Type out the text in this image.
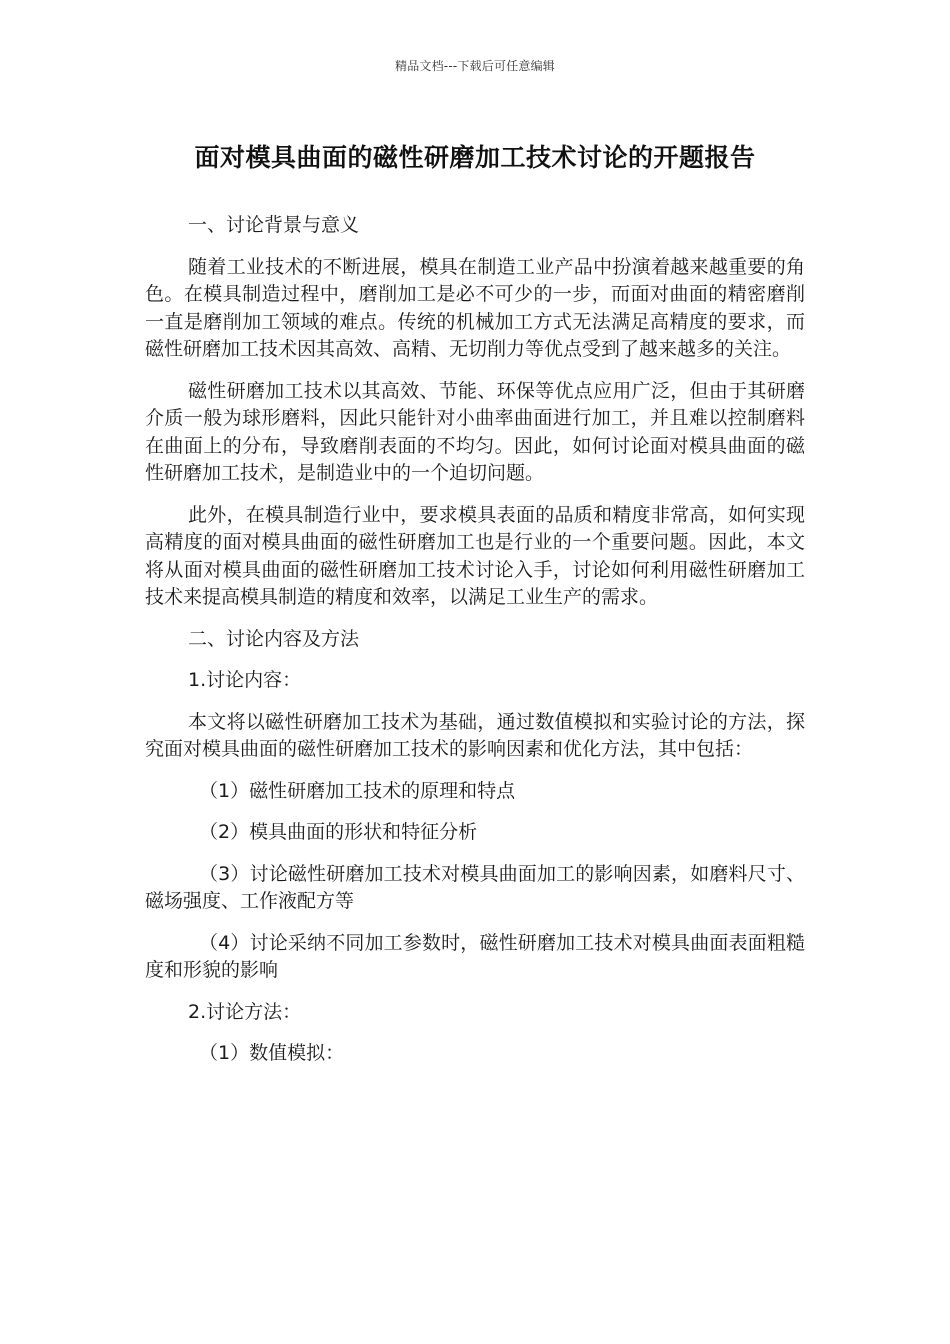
精品文档---下载后可任意编辑
面对模具曲面的磁性研磨加工技术讨论的开题报告
一、讨论背景与意义

随着工业技术的不断进展，模具在制造工业产品中扮演着越来越重要的角色。在模具制造过程中，磨削加工是必不可少的一步，而面对曲面的精密磨削一直是磨削加工领域的难点。传统的机械加工方式无法满足高精度的要求，而磁性研磨加工技术因其高效、高精、无切削力等优点受到了越来越多的关注。

磁性研磨加工技术以其高效、节能、环保等优点应用广泛，但由于其研磨介质一般为球形磨料，因此只能针对小曲率曲面进行加工，并且难以控制磨料在曲面上的分布，导致磨削表面的不均匀。因此，如何讨论面对模具曲面的磁性研磨加工技术，是制造业中的一个迫切问题。

此外，在模具制造行业中，要求模具表面的品质和精度非常高，如何实现高精度的面对模具曲面的磁性研磨加工也是行业的一个重要问题。因此，本文将从面对模具曲面的磁性研磨加工技术讨论入手，讨论如何利用磁性研磨加工技术来提高模具制造的精度和效率，以满足工业生产的需求。

二、讨论内容及方法
1.讨论内容：

本文将以磁性研磨加工技术为基础，通过数值模拟和实验讨论的方法，探究面对模具曲面的磁性研磨加工技术的影响因素和优化方法，其中包括：

（1）磁性研磨加工技术的原理和特点

（2）模具曲面的形状和特征分析

（3）讨论磁性研磨加工技术对模具曲面加工的影响因素，如磨料尺寸、磁场强度、工作液配方等

（4）讨论采纳不同加工参数时，磁性研磨加工技术对模具曲面表面粗糙度和形貌的影响

2.讨论方法：

（1）数值模拟：
